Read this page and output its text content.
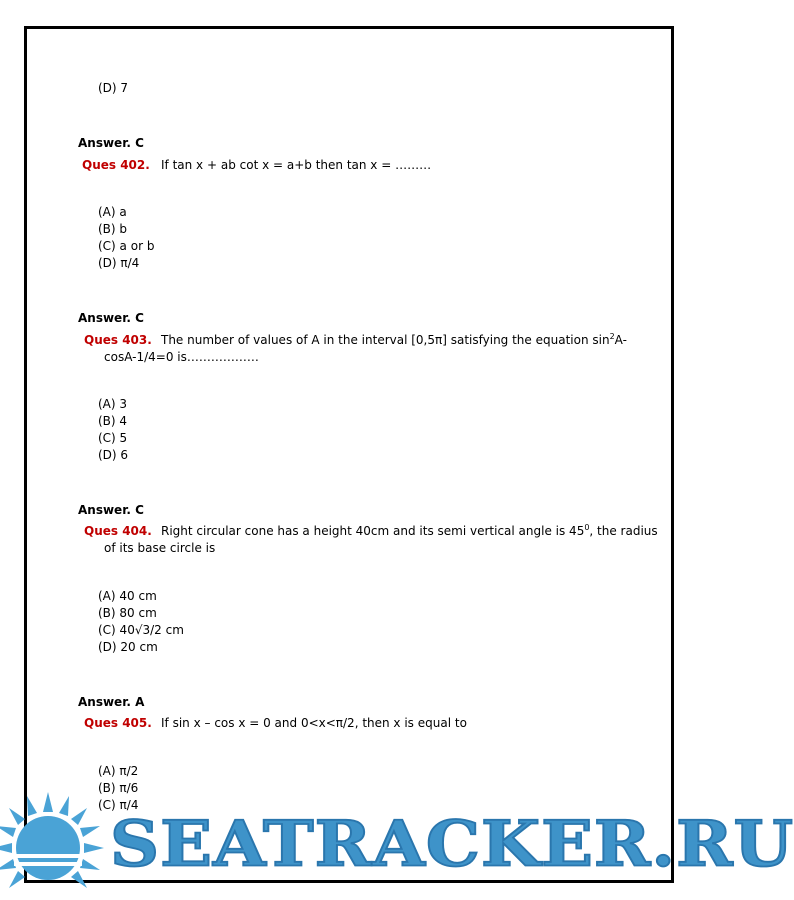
(D) 7
Answer. C
Ques 402. If tan x + ab cot x = a+b then tan x = ………
(A) a
(B) b
(C) a or b
(D) π/4
Answer. C
Ques 403. The number of values of A in the interval [0,5π] satisfying the equation $\sin^2A-$
cosA-1/4=0 is………………
(A) 3
(B) 4
(C) 5
(D) 6
Answer. C
Ques 404. Right circular cone has a height 40cm and its semi vertical angle is $45^0$, the radius
of its base circle is
(A) 40 cm
(B) 80 cm
(C) 40√3/2 cm
(D) 20 cm
Answer. A
Ques 405. If sin x – cos x = 0 and 0<x<π/2, then x is equal to
(A) π/2
(B) π/6
(C) π/4
SEATRACKER.RU
